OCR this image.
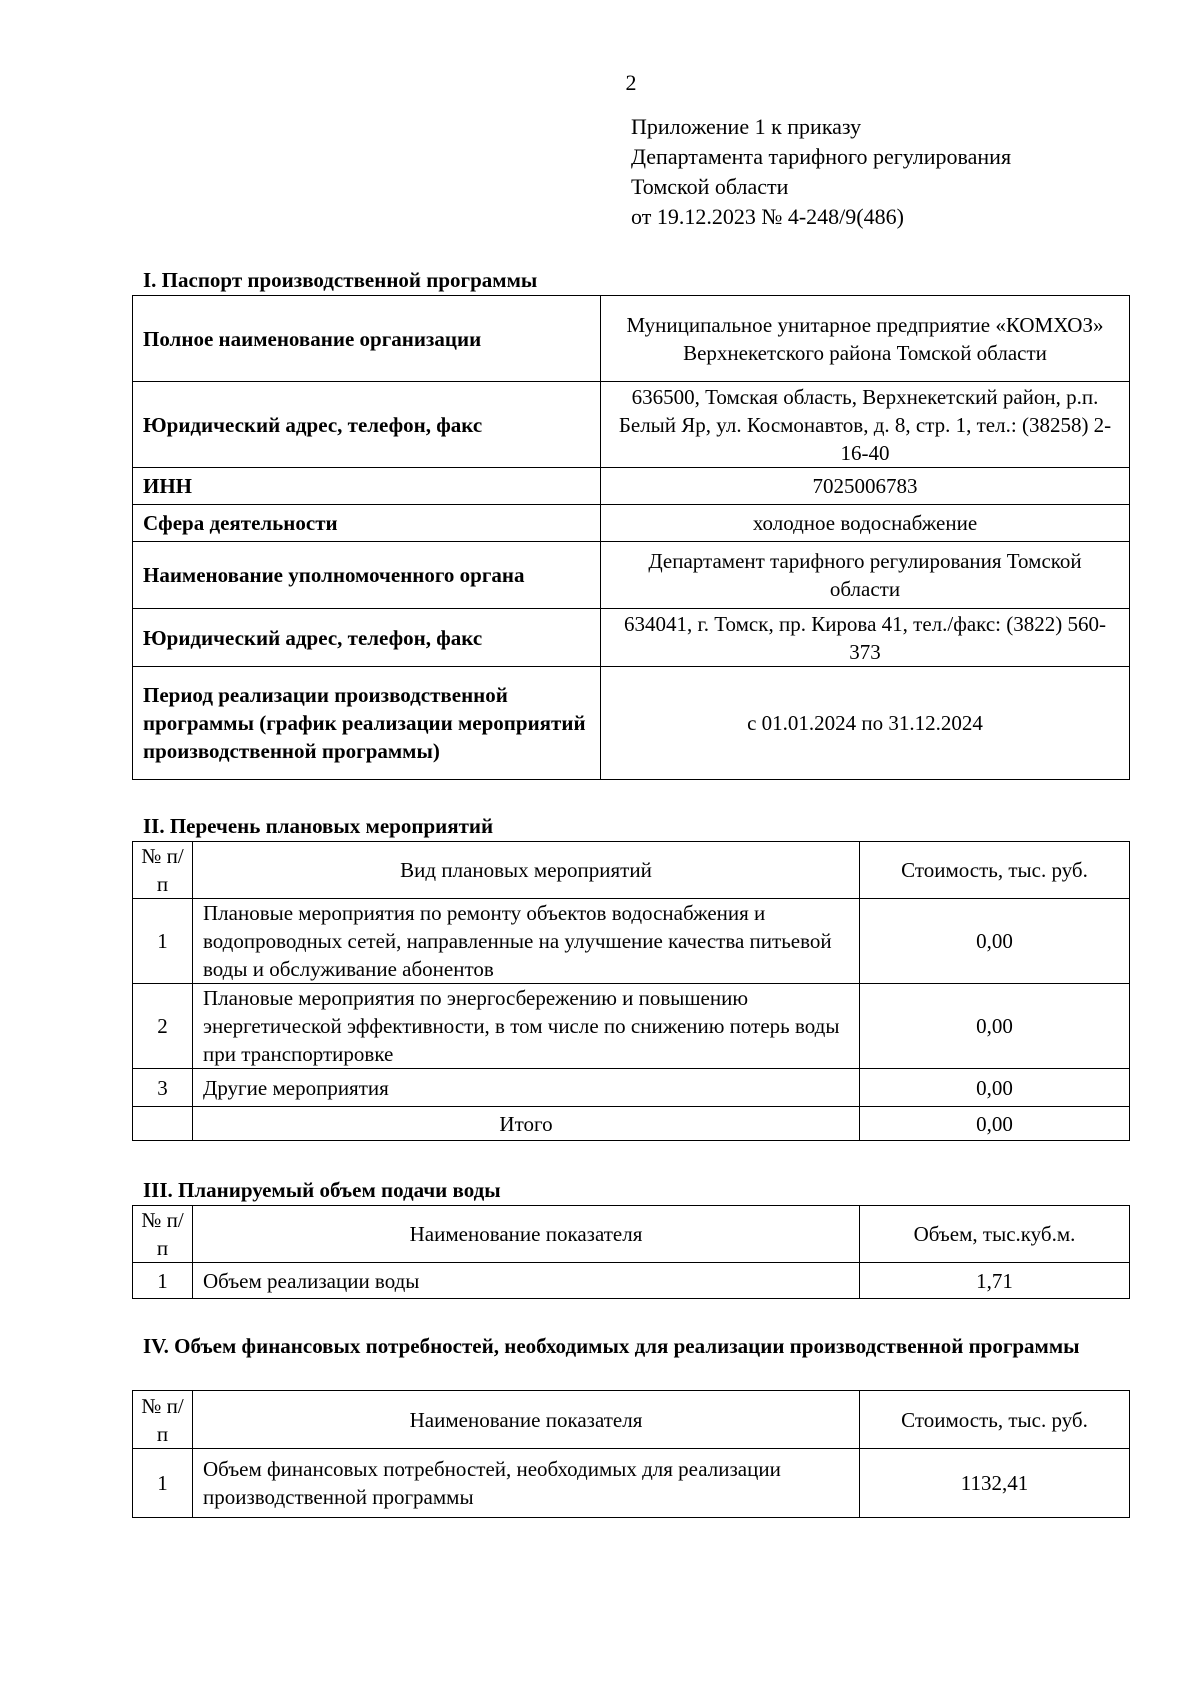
2
Приложение 1 к приказу
Департамента тарифного регулирования
Томской области
от 19.12.2023 № 4-248/9(486)
I. Паспорт производственной программы
Полное наименование организации	Муниципальное унитарное предприятие «КОМХОЗ» Верхнекетского района Томской области
Юридический адрес, телефон, факс	636500, Томская область, Верхнекетский район, р.п. Белый Яр, ул. Космонавтов, д. 8, стр. 1, тел.: (38258) 2-16-40
ИНН	7025006783
Сфера деятельности	холодное водоснабжение
Наименование уполномоченного органа	Департамент тарифного регулирования Томской области
Юридический адрес, телефон, факс	634041, г. Томск, пр. Кирова 41, тел./факс: (3822) 560-373
Период реализации производственной программы (график реализации мероприятий производственной программы)	с 01.01.2024 по 31.12.2024
II. Перечень плановых мероприятий
№ п/п	Вид плановых мероприятий	Стоимость, тыс. руб.
1	Плановые мероприятия по ремонту объектов водоснабжения и водопроводных сетей, направленные на улучшение качества питьевой воды и обслуживание абонентов	0,00
2	Плановые мероприятия по энергосбережению и повышению энергетической эффективности, в том числе по снижению потерь воды при транспортировке	0,00
3	Другие мероприятия	0,00
	Итого	0,00
III. Планируемый объем подачи воды
№ п/п	Наименование показателя	Объем, тыс.куб.м.
1	Объем реализации воды	1,71
IV. Объем финансовых потребностей, необходимых для реализации производственной программы
№ п/п	Наименование показателя	Стоимость, тыс. руб.
1	Объем финансовых потребностей, необходимых для реализации производственной программы	1132,41
